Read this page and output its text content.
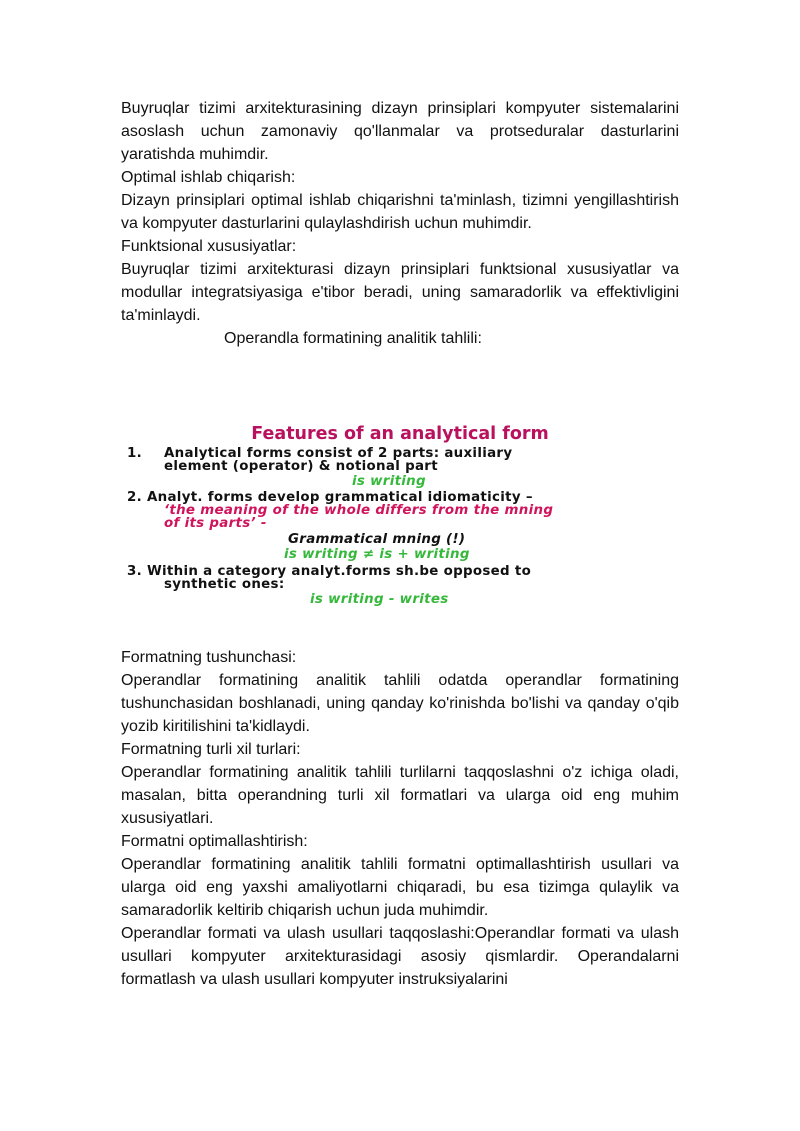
Buyruqlar tizimi arxitekturasining dizayn prinsiplari kompyuter sistemalarini asoslash uchun zamonaviy qo'llanmalar va protseduralar dasturlarini yaratishda muhimdir.

Optimal ishlab chiqarish:

Dizayn prinsiplari optimal ishlab chiqarishni ta'minlash, tizimni yengillashtirish va kompyuter dasturlarini qulaylashdirish uchun muhimdir.

Funktsional xususiyatlar:

Buyruqlar tizimi arxitekturasi dizayn prinsiplari funktsional xususiyatlar va modullar integratsiyasiga e'tibor beradi, uning samaradorlik va effektivligini ta'minlaydi.

Operandla formatining analitik tahlili:

Features of an analytical form
1. Analytical forms consist of 2 parts: auxiliary
element (operator) & notional part
is writing
2. Analyt. forms develop grammatical idiomaticity –
‘the meaning of the whole differs from the mning
of its parts’ -
Grammatical mning (!)
is writing ≠ is + writing
3. Within a category analyt.forms sh.be opposed to
synthetic ones:
is writing - writes

Formatning tushunchasi:

Operandlar formatining analitik tahlili odatda operandlar formatining tushunchasidan boshlanadi, uning qanday ko'rinishda bo'lishi va qanday o'qib yozib kiritilishini ta'kidlaydi.

Formatning turli xil turlari:

Operandlar formatining analitik tahlili turlilarni taqqoslashni o'z ichiga oladi, masalan, bitta operandning turli xil formatlari va ularga oid eng muhim xususiyatlari.

Formatni optimallashtirish:

Operandlar formatining analitik tahlili formatni optimallashtirish usullari va ularga oid eng yaxshi amaliyotlarni chiqaradi, bu esa tizimga qulaylik va samaradorlik keltirib chiqarish uchun juda muhimdir.

Operandlar formati va ulash usullari taqqoslashi:Operandlar formati va ulash usullari kompyuter arxitekturasidagi asosiy qismlardir. Operandalarni formatlash va ulash usullari kompyuter instruksiyalarini
